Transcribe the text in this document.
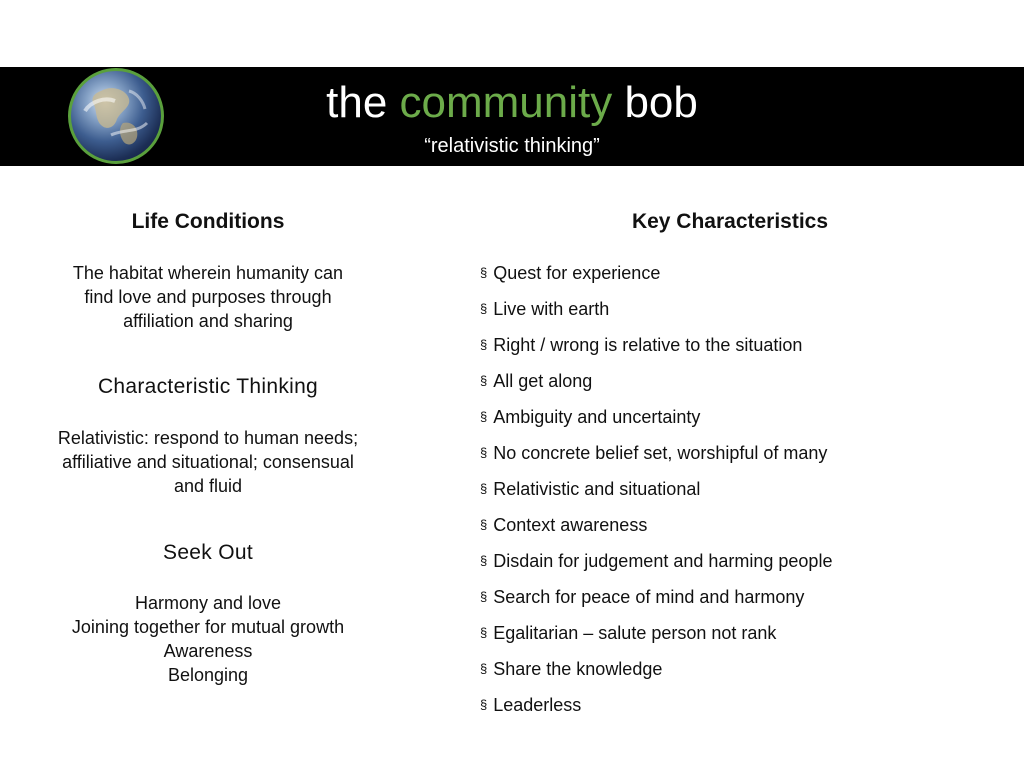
the community bob
“relativistic thinking”
Life Conditions
The habitat wherein humanity can
find love and purposes through
affiliation and sharing
Characteristic Thinking
Relativistic: respond to human needs;
affiliative and situational; consensual
and fluid
Seek Out
Harmony and love
Joining together for mutual growth
Awareness
Belonging
Key Characteristics
§ Quest for experience
§ Live with earth
§ Right / wrong is relative to the situation
§ All get along
§ Ambiguity and uncertainty
§ No concrete belief set, worshipful of many
§ Relativistic and situational
§ Context awareness
§ Disdain for judgement and harming people
§ Search for peace of mind and harmony
§ Egalitarian – salute person not rank
§ Share the knowledge
§ Leaderless
